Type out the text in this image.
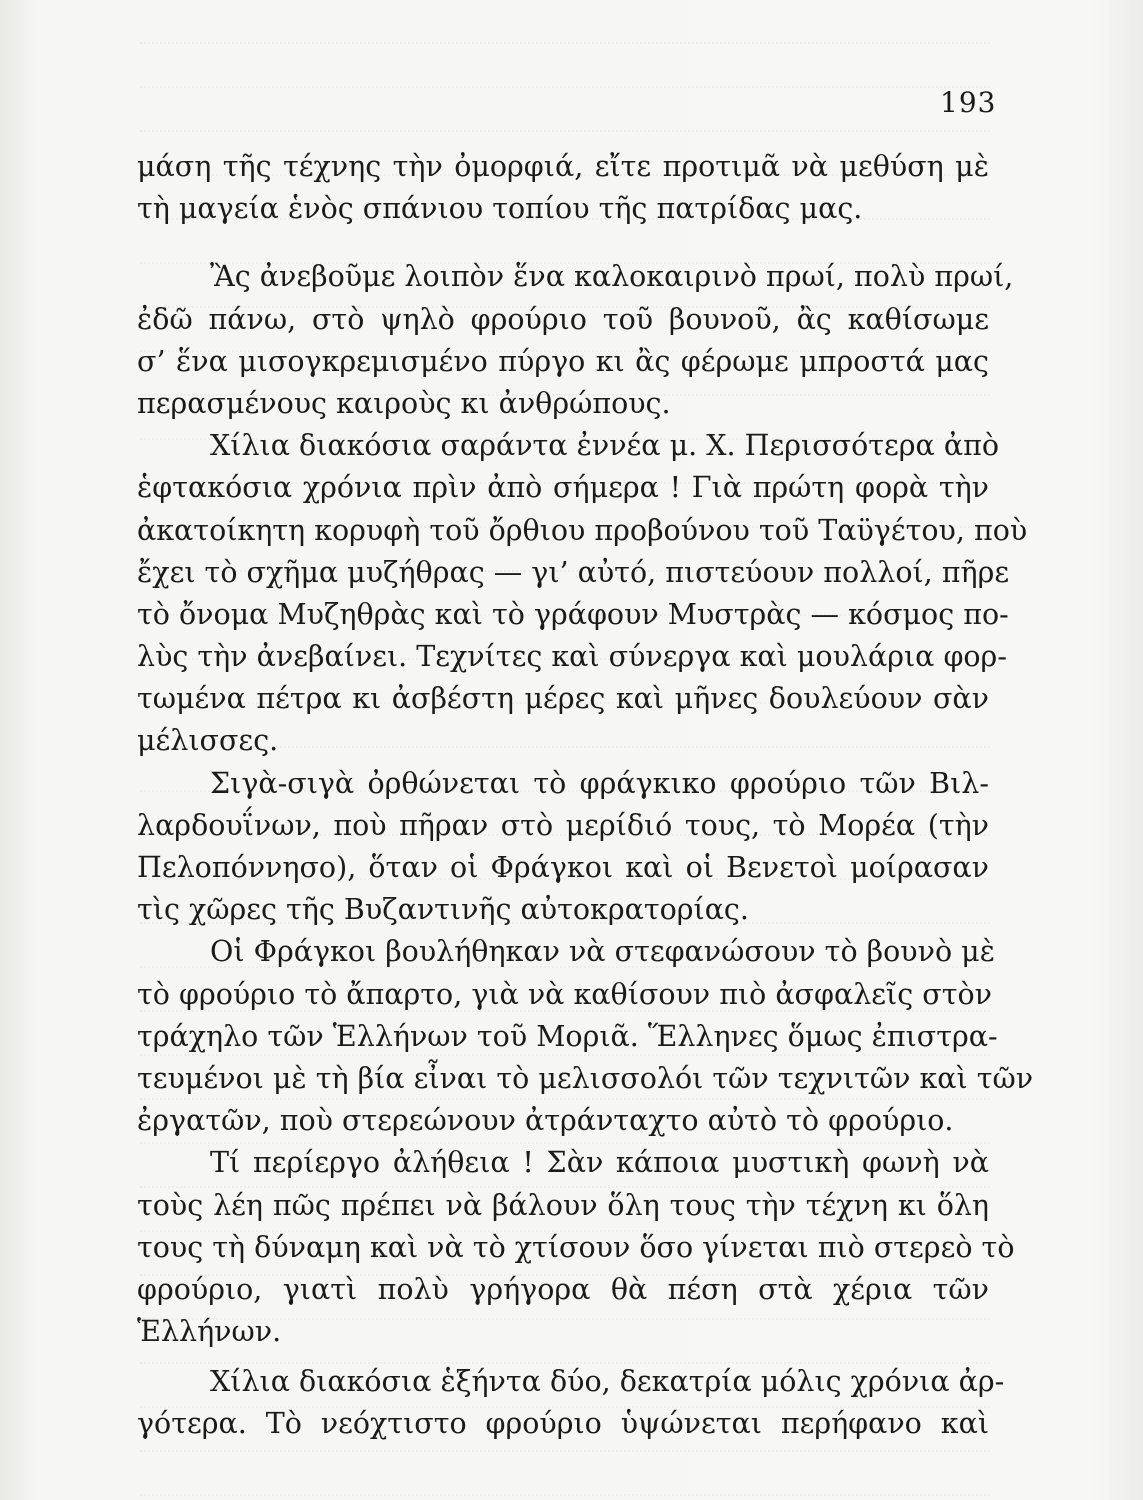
193
μάση τῆς τέχνης τὴν ὀμορφιά, εἴτε προτιμᾶ νὰ μεθύση μὲ
τὴ μαγεία ἑνὸς σπάνιου τοπίου τῆς πατρίδας μας.
Ἂς ἀνεβοῦμε λοιπὸν ἕνα καλοκαιρινὸ πρωί, πολὺ πρωί,
ἐδῶ πάνω, στὸ ψηλὸ φρούριο τοῦ βουνοῦ, ἂς καθίσωμε
σ’ ἕνα μισογκρεμισμένο πύργο κι ἂς φέρωμε μπροστά μας
περασμένους καιροὺς κι ἀνθρώπους.
Χίλια διακόσια σαράντα ἐννέα μ. Χ. Περισσότερα ἀπὸ
ἑφτακόσια χρόνια πρὶν ἀπὸ σήμερα ! Γιὰ πρώτη φορὰ τὴν
ἀκατοίκητη κορυφὴ τοῦ ὄρθιου προβούνου τοῦ Ταϋγέτου, ποὺ
ἔχει τὸ σχῆμα μυζήθρας — γι’ αὐτό, πιστεύουν πολλοί, πῆρε
τὸ ὄνομα Μυζηθρὰς καὶ τὸ γράφουν Μυστρὰς — κόσμος πο-
λὺς τὴν ἀνεβαίνει. Τεχνίτες καὶ σύνεργα καὶ μουλάρια φορ-
τωμένα πέτρα κι ἀσβέστη μέρες καὶ μῆνες δουλεύουν σὰν
μέλισσες.
Σιγὰ-σιγὰ ὀρθώνεται τὸ φράγκικο φρούριο τῶν Βιλ-
λαρδουΐνων, ποὺ πῆραν στὸ μερίδιό τους, τὸ Μορέα (τὴν
Πελοπόννησο), ὅταν οἱ Φράγκοι καὶ οἱ Βενετοὶ μοίρασαν
τὶς χῶρες τῆς Βυζαντινῆς αὐτοκρατορίας.
Οἱ Φράγκοι βουλήθηκαν νὰ στεφανώσουν τὸ βουνὸ μὲ
τὸ φρούριο τὸ ἄπαρτο, γιὰ νὰ καθίσουν πιὸ ἀσφαλεῖς στὸν
τράχηλο τῶν Ἑλλήνων τοῦ Μοριᾶ. Ἕλληνες ὅμως ἐπιστρα-
τευμένοι μὲ τὴ βία εἶναι τὸ μελισσολόι τῶν τεχνιτῶν καὶ τῶν
ἐργατῶν, ποὺ στερεώνουν ἀτράνταχτο αὐτὸ τὸ φρούριο.
Τί περίεργο ἀλήθεια ! Σὰν κάποια μυστικὴ φωνὴ νὰ
τοὺς λέη πῶς πρέπει νὰ βάλουν ὅλη τους τὴν τέχνη κι ὅλη
τους τὴ δύναμη καὶ νὰ τὸ χτίσουν ὅσο γίνεται πιὸ στερεὸ τὸ
φρούριο, γιατὶ πολὺ γρήγορα θὰ πέση στὰ χέρια τῶν
Ἑλλήνων.
Χίλια διακόσια ἑξήντα δύο, δεκατρία μόλις χρόνια ἀρ-
γότερα. Τὸ νεόχτιστο φρούριο ὑψώνεται περήφανο καὶ
